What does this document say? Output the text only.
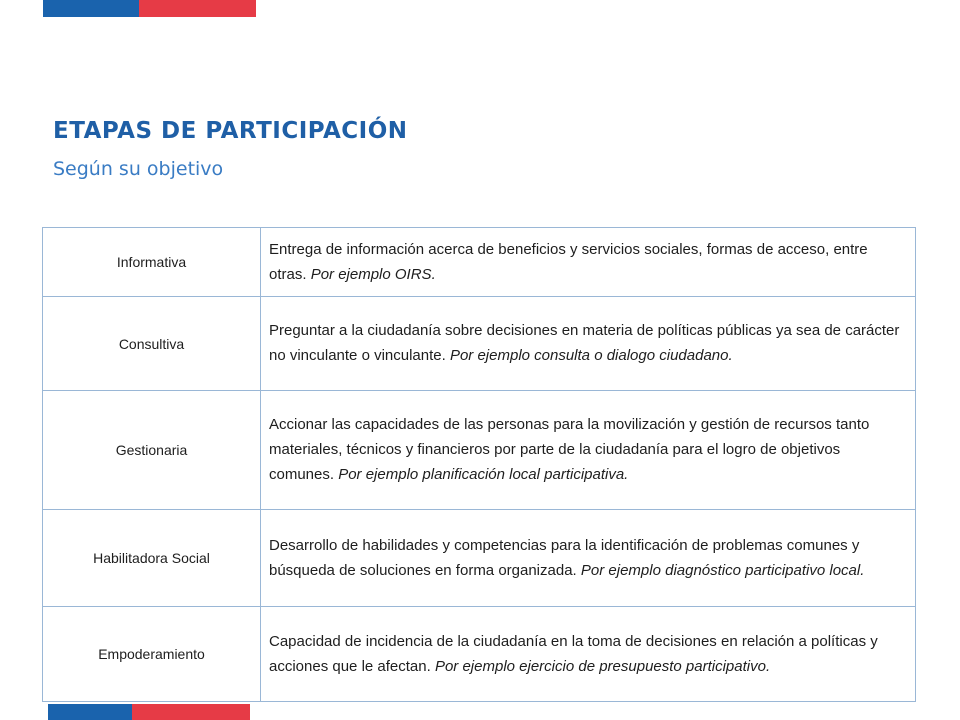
ETAPAS DE PARTICIPACIÓN
Según su objetivo
Informativa	Entrega de información acerca de beneficios y servicios sociales, formas de acceso, entre otras. Por ejemplo OIRS.
Consultiva	Preguntar a la ciudadanía sobre decisiones en materia de políticas públicas ya sea de carácter no vinculante o vinculante. Por ejemplo consulta o dialogo ciudadano.
Gestionaria	Accionar las capacidades de las personas para la movilización y gestión de recursos tanto materiales, técnicos y financieros por parte de la ciudadanía para el logro de objetivos comunes. Por ejemplo planificación local participativa.
Habilitadora Social	Desarrollo de habilidades y competencias para la identificación de problemas comunes y búsqueda de soluciones en forma organizada. Por ejemplo diagnóstico participativo local.
Empoderamiento	Capacidad de incidencia de la ciudadanía en la toma de decisiones en relación a políticas y acciones que le afectan. Por ejemplo ejercicio de presupuesto participativo.
